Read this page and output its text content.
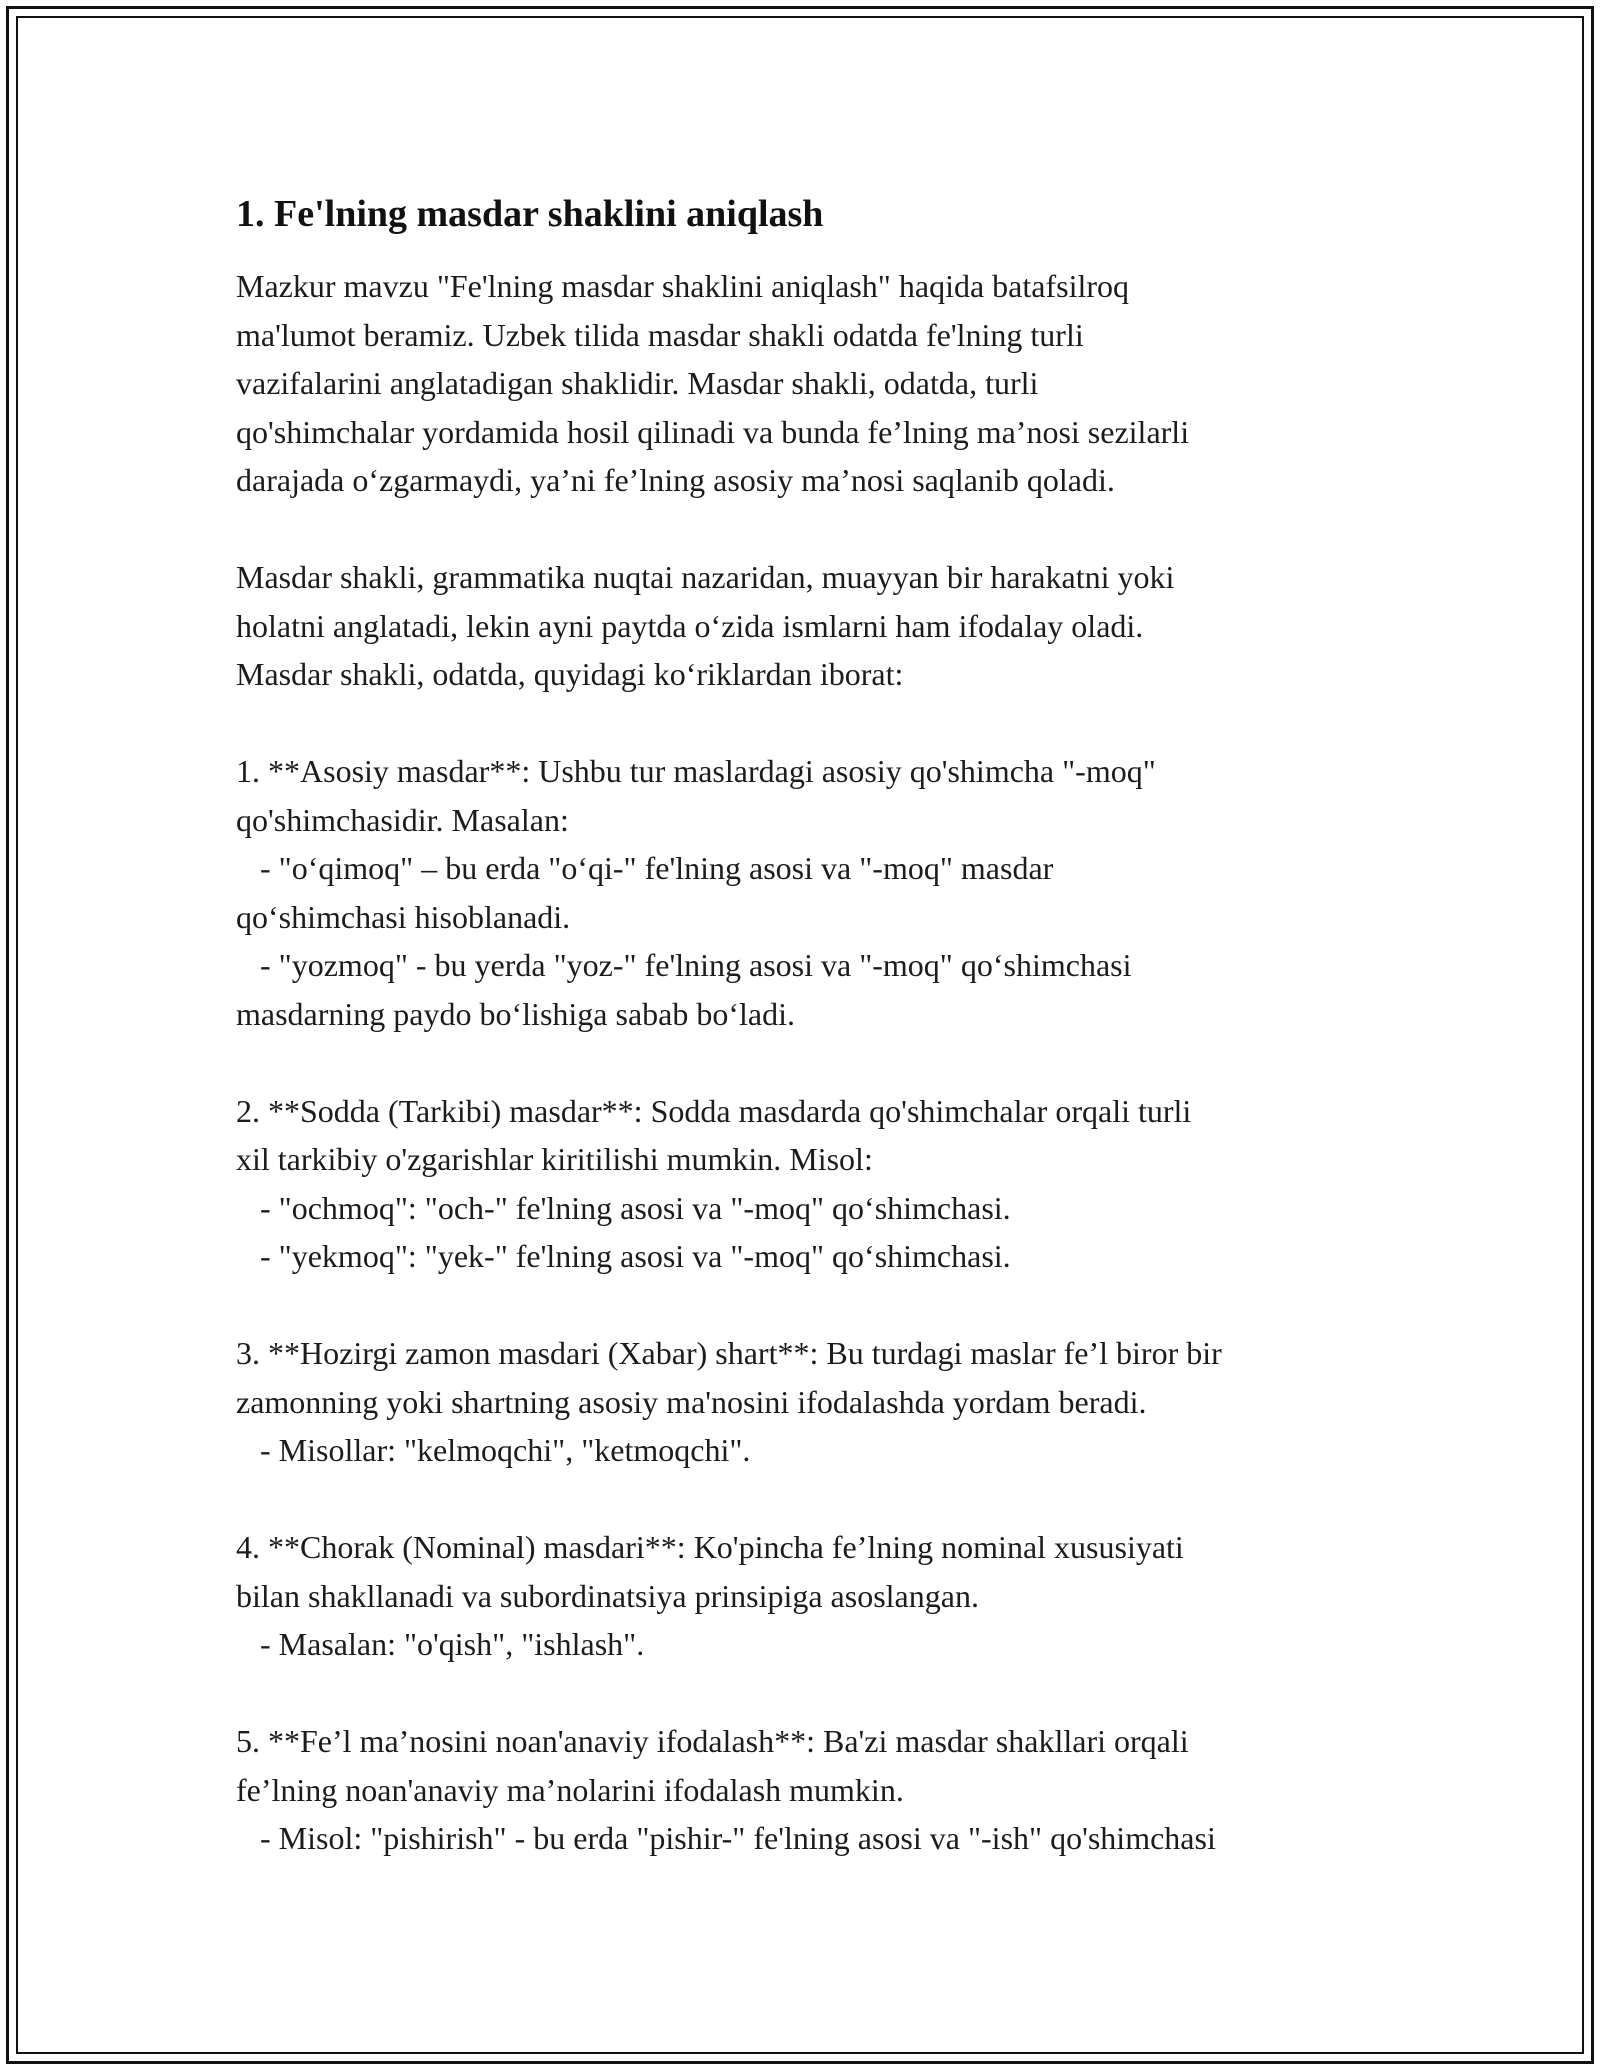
1. Fe'lning masdar shaklini aniqlash
Mazkur mavzu "Fe'lning masdar shaklini aniqlash" haqida batafsilroq
ma'lumot beramiz. Uzbek tilida masdar shakli odatda fe'lning turli
vazifalarini anglatadigan shaklidir. Masdar shakli, odatda, turli
qo'shimchalar yordamida hosil qilinadi va bunda fe’lning ma’nosi sezilarli
darajada o‘zgarmaydi, ya’ni fe’lning asosiy ma’nosi saqlanib qoladi.
Masdar shakli, grammatika nuqtai nazaridan, muayyan bir harakatni yoki
holatni anglatadi, lekin ayni paytda o‘zida ismlarni ham ifodalay oladi.
Masdar shakli, odatda, quyidagi ko‘riklardan iborat:
1. **Asosiy masdar**: Ushbu tur maslardagi asosiy qo'shimcha "-moq"
qo'shimchasidir. Masalan:
- "o‘qimoq" – bu erda "o‘qi-" fe'lning asosi va "-moq" masdar
qo‘shimchasi hisoblanadi.
- "yozmoq" - bu yerda "yoz-" fe'lning asosi va "-moq" qo‘shimchasi
masdarning paydo bo‘lishiga sabab bo‘ladi.
2. **Sodda (Tarkibi) masdar**: Sodda masdarda qo'shimchalar orqali turli
xil tarkibiy o'zgarishlar kiritilishi mumkin. Misol:
- "ochmoq": "och-" fe'lning asosi va "-moq" qo‘shimchasi.
- "yekmoq": "yek-" fe'lning asosi va "-moq" qo‘shimchasi.
3. **Hozirgi zamon masdari (Xabar) shart**: Bu turdagi maslar fe’l biror bir
zamonning yoki shartning asosiy ma'nosini ifodalashda yordam beradi.
- Misollar: "kelmoqchi", "ketmoqchi".
4. **Chorak (Nominal) masdari**: Ko'pincha fe’lning nominal xususiyati
bilan shakllanadi va subordinatsiya prinsipiga asoslangan.
- Masalan: "o'qish", "ishlash".
5. **Fe’l ma’nosini noan'anaviy ifodalash**: Ba'zi masdar shakllari orqali
fe’lning noan'anaviy ma’nolarini ifodalash mumkin.
- Misol: "pishirish" - bu erda "pishir-" fe'lning asosi va "-ish" qo'shimchasi
